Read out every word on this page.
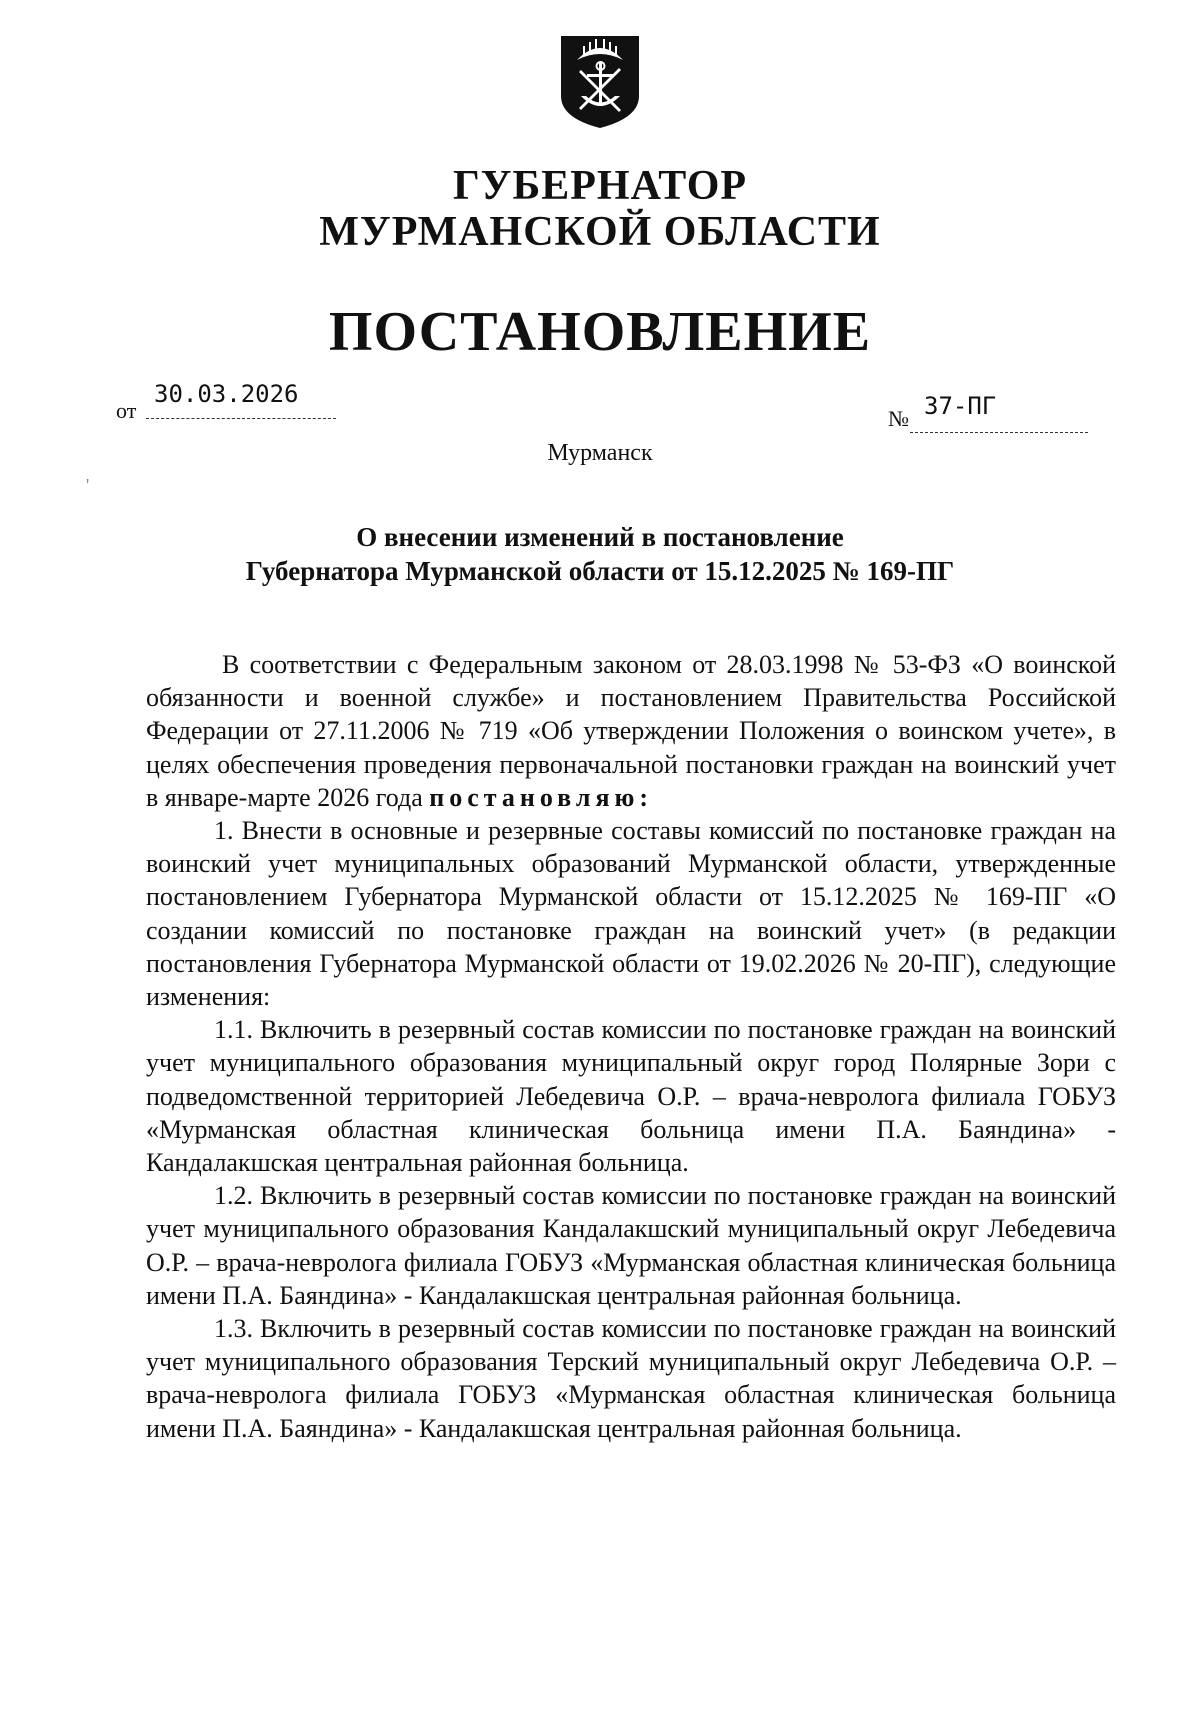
ГУБЕРНАТОР
МУРМАНСКОЙ ОБЛАСТИ
ПОСТАНОВЛЕНИЕ
от
30.03.2026
№ 37-ПГ
Мурманск
'
О внесении изменений в постановление
Губернатора Мурманской области от 15.12.2025 № 169-ПГ

В соответствии с Федеральным законом от 28.03.1998 № 53-ФЗ «О воинской обязанности и военной службе» и постановлением Правительства Российской Федерации от 27.11.2006 № 719 «Об утверждении Положения о воинском учете», в целях обеспечения проведения первоначальной постановки граждан на воинский учет в январе-марте 2026 года постановляю:

1. Внести в основные и резервные составы комиссий по постановке граждан на воинский учет муниципальных образований Мурманской области, утвержденные постановлением Губернатора Мурманской области от 15.12.2025 № 169-ПГ «О создании комиссий по постановке граждан на воинский учет» (в редакции постановления Губернатора Мурманской области от 19.02.2026 № 20-ПГ), следующие изменения:

1.1. Включить в резервный состав комиссии по постановке граждан на воинский учет муниципального образования муниципальный округ город Полярные Зори с подведомственной территорией Лебедевича О.Р. – врача-невролога филиала ГОБУЗ «Мурманская областная клиническая больница имени П.А. Баяндина» - Кандалакшская центральная районная больница.

1.2. Включить в резервный состав комиссии по постановке граждан на воинский учет муниципального образования Кандалакшский муниципальный округ Лебедевича О.Р. – врача-невролога филиала ГОБУЗ «Мурманская областная клиническая больница имени П.А. Баяндина» - Кандалакшская центральная районная больница.

1.3. Включить в резервный состав комиссии по постановке граждан на воинский учет муниципального образования Терский муниципальный округ Лебедевича О.Р. – врача-невролога филиала ГОБУЗ «Мурманская областная клиническая больница имени П.А. Баяндина» - Кандалакшская центральная районная больница.
